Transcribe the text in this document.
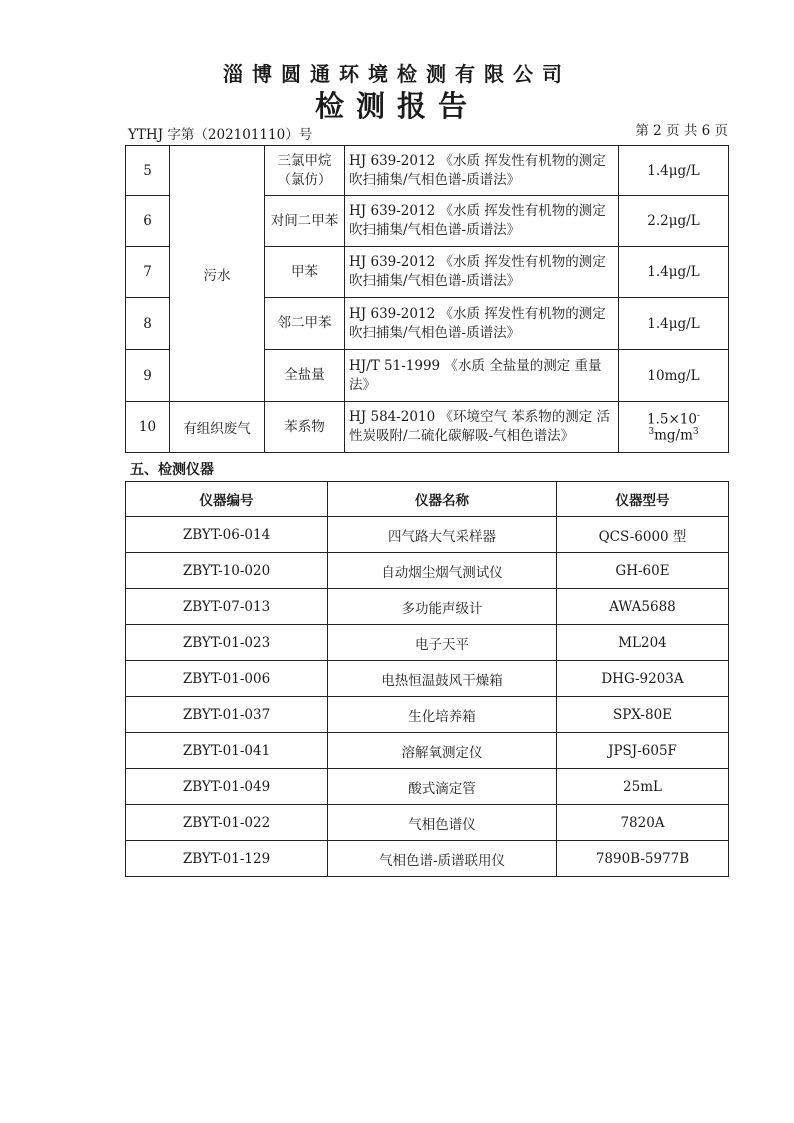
淄博圆通环境检测有限公司
检测报告
YTHJ 字第（202101110）号	第 2 页 共 6 页
5	污水	三氯甲烷（氯仿）	HJ 639-2012 《水质 挥发性有机物的测定 吹扫捕集/气相色谱-质谱法》	1.4μg/L
6		对间二甲苯	HJ 639-2012 《水质 挥发性有机物的测定 吹扫捕集/气相色谱-质谱法》	2.2μg/L
7		甲苯	HJ 639-2012 《水质 挥发性有机物的测定 吹扫捕集/气相色谱-质谱法》	1.4μg/L
8		邻二甲苯	HJ 639-2012 《水质 挥发性有机物的测定 吹扫捕集/气相色谱-质谱法》	1.4μg/L
9		全盐量	HJ/T 51-1999 《水质 全盐量的测定 重量法》	10mg/L
10	有组织废气	苯系物	HJ 584-2010 《环境空气 苯系物的测定 活性炭吸附/二硫化碳解吸-气相色谱法》	$1.5\times 10^{-3}mg/m^3$
五、检测仪器
仪器编号	仪器名称	仪器型号
ZBYT-06-014	四气路大气采样器	QCS-6000 型
ZBYT-10-020	自动烟尘烟气测试仪	GH-60E
ZBYT-07-013	多功能声级计	AWA5688
ZBYT-01-023	电子天平	ML204
ZBYT-01-006	电热恒温鼓风干燥箱	DHG-9203A
ZBYT-01-037	生化培养箱	SPX-80E
ZBYT-01-041	溶解氧测定仪	JPSJ-605F
ZBYT-01-049	酸式滴定管	25mL
ZBYT-01-022	气相色谱仪	7820A
ZBYT-01-129	气相色谱-质谱联用仪	7890B-5977B
